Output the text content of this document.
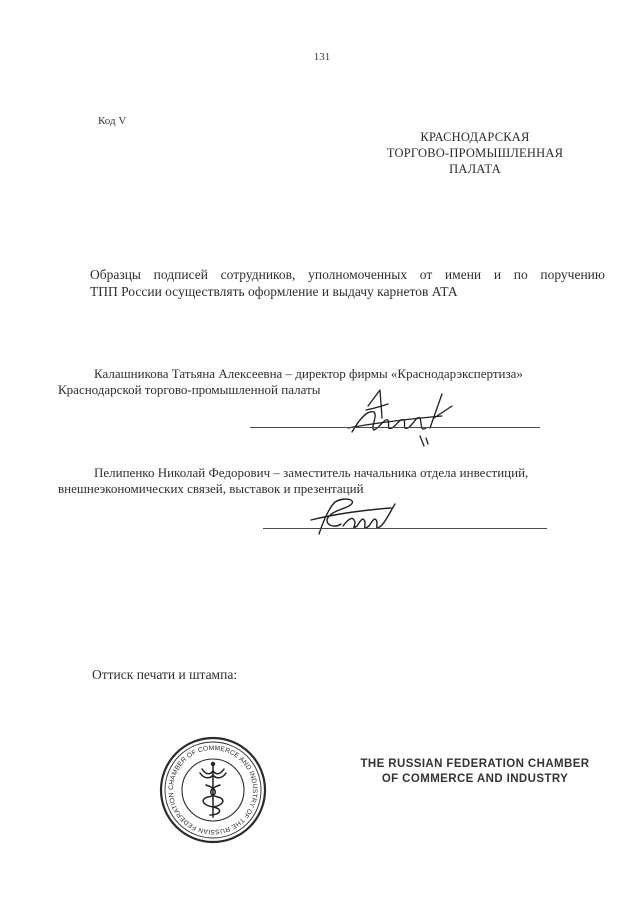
131
Код V
КРАСНОДАРСКАЯ
ТОРГОВО-ПРОМЫШЛЕННАЯ
ПАЛАТА
Образцы подписей сотрудников, уполномоченных от имени и по поручению
ТПП России осуществлять оформление и выдачу карнетов АТА
Калашникова Татьяна Алексеевна – директор фирмы «Краснодарэкспертиза»
Краснодарской торгово-промышленной палаты
Пелипенко Николай Федорович – заместитель начальника отдела инвестиций,
внешнеэкономических связей, выставок и презентаций
Оттиск печати и штампа:
CHAMBER OF COMMERCE AND INDUSTRY OF THE RUSSIAN FEDERATION
THE RUSSIAN FEDERATION CHAMBER
OF COMMERCE AND INDUSTRY
